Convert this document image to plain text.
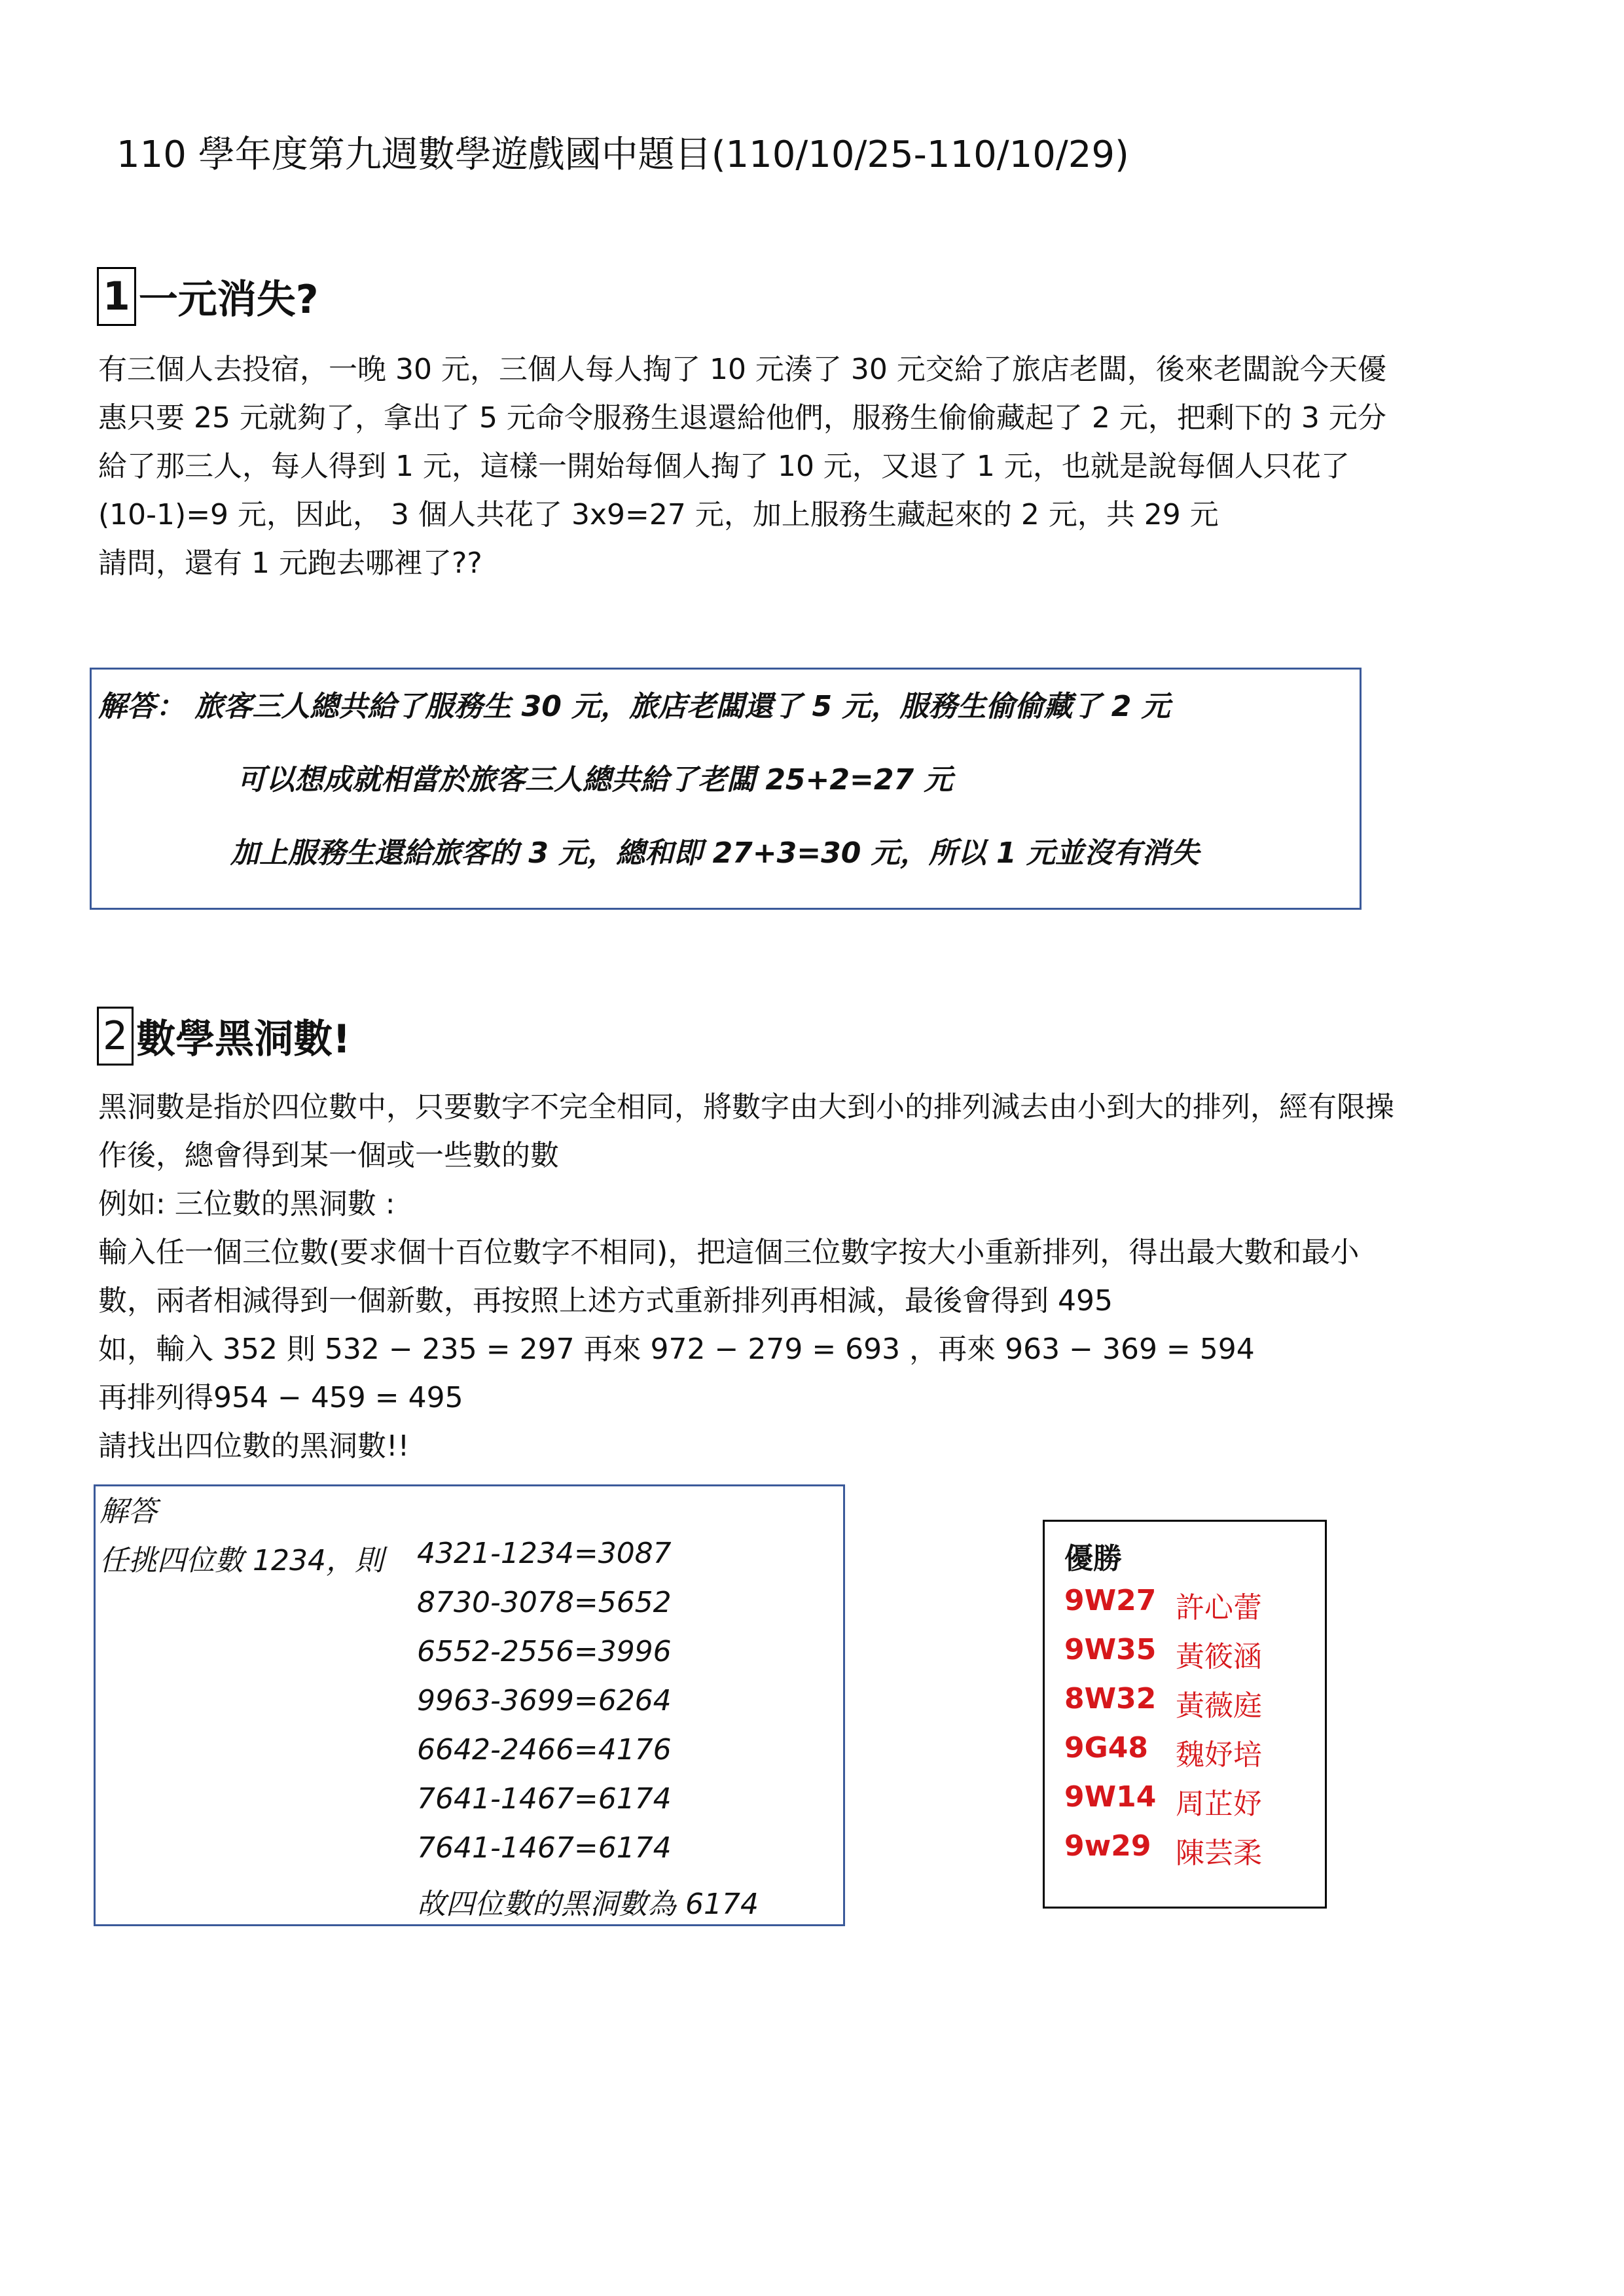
110 學年度第九週數學遊戲國中題目(110/10/25-110/10/29)
1 一元消失?
有三個人去投宿，一晚 30 元，三個人每人掏了 10 元湊了 30 元交給了旅店老闆，後來老闆說今天優
惠只要 25 元就夠了，拿出了 5 元命令服務生退還給他們，服務生偷偷藏起了 2 元，把剩下的 3 元分
給了那三人，每人得到 1 元，這樣一開始每個人掏了 10 元，又退了 1 元，也就是說每個人只花了
(10-1)=9 元，因此， 3 個人共花了 3x9=27 元，加上服務生藏起來的 2 元，共 29 元
請問，還有 1 元跑去哪裡了??
解答： 旅客三人總共給了服務生 30 元，旅店老闆還了 5 元，服務生偷偷藏了 2 元
可以想成就相當於旅客三人總共給了老闆 25+2=27 元
加上服務生還給旅客的 3 元，總和即 27+3=30 元，所以 1 元並沒有消失
2 數學黑洞數!
黑洞數是指於四位數中，只要數字不完全相同，將數字由大到小的排列減去由小到大的排列，經有限操
作後，總會得到某一個或一些數的數
例如: 三位數的黑洞數 :
輸入任一個三位數(要求個十百位數字不相同)，把這個三位數字按大小重新排列，得出最大數和最小
數，兩者相減得到一個新數，再按照上述方式重新排列再相減，最後會得到 495
如，輸入 352 則 532 − 235 = 297 再來 972 − 279 = 693 ，再來 963 − 369 = 594
再排列得954 − 459 = 495
請找出四位數的黑洞數!!
解答
任挑四位數 1234，則 4321-1234=3087
8730-3078=5652
6552-2556=3996
9963-3699=6264
6642-2466=4176
7641-1467=6174
7641-1467=6174
故四位數的黑洞數為 6174
優勝
9W27 許心蕾
9W35 黃筱涵
8W32 黃薇庭
9G48 魏妤培
9W14 周芷妤
9w29 陳芸柔
